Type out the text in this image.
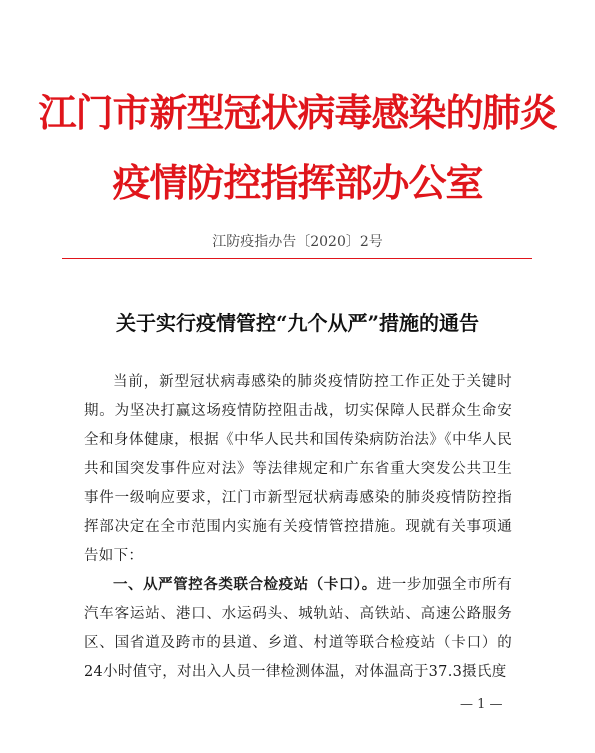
江门市新型冠状病毒感染的肺炎
疫情防控指挥部办公室
江防疫指办告〔2020〕2号
关于实行疫情管控“九个从严”措施的通告

当前，新型冠状病毒感染的肺炎疫情防控工作正处于关键时期。为坚决打赢这场疫情防控阻击战，切实保障人民群众生命安全和身体健康，根据《中华人民共和国传染病防治法》《中华人民共和国突发事件应对法》等法律规定和广东省重大突发公共卫生事件一级响应要求，江门市新型冠状病毒感染的肺炎疫情防控指挥部决定在全市范围内实施有关疫情管控措施。现就有关事项通告如下：

一、从严管控各类联合检疫站（卡口）。进一步加强全市所有汽车客运站、港口、水运码头、城轨站、高铁站、高速公路服务区、国省道及跨市的县道、乡道、村道等联合检疫站（卡口）的24小时值守，对出入人员一律检测体温，对体温高于37.3摄氏度

— 1 —
